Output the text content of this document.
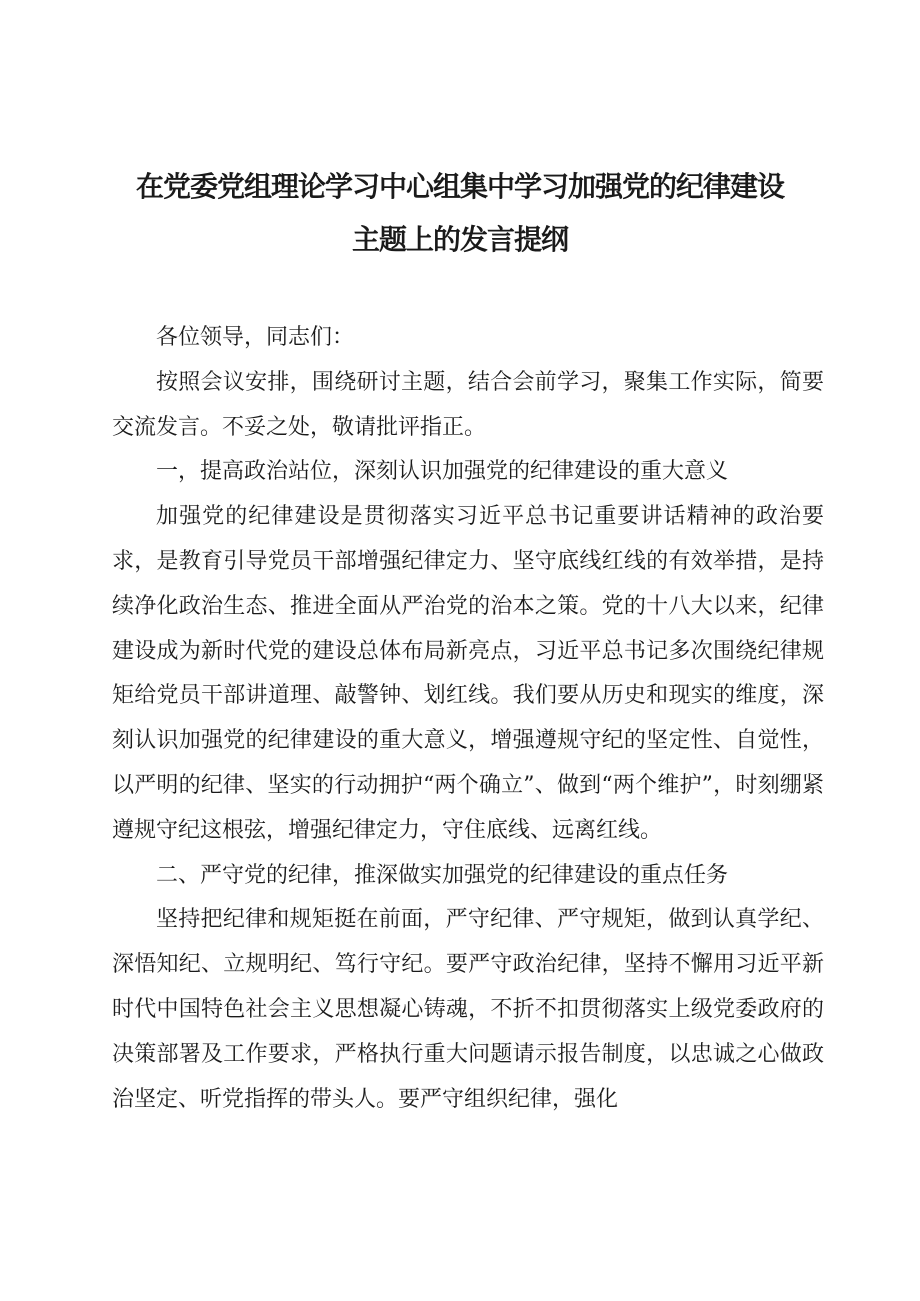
在党委党组理论学习中心组集中学习加强党的纪律建设
主题上的发言提纲

各位领导，同志们：

按照会议安排，围绕研讨主题，结合会前学习，聚集工作实际，简要交流发言。不妥之处，敬请批评指正。

一，提高政治站位，深刻认识加强党的纪律建设的重大意义

加强党的纪律建设是贯彻落实习近平总书记重要讲话精神的政治要求，是教育引导党员干部增强纪律定力、坚守底线红线的有效举措，是持续净化政治生态、推进全面从严治党的治本之策。党的十八大以来，纪律建设成为新时代党的建设总体布局新亮点，习近平总书记多次围绕纪律规矩给党员干部讲道理、敲警钟、划红线。我们要从历史和现实的维度，深刻认识加强党的纪律建设的重大意义，增强遵规守纪的坚定性、自觉性，以严明的纪律、坚实的行动拥护“两个确立”、做到“两个维护”，时刻绷紧遵规守纪这根弦，增强纪律定力，守住底线、远离红线。

二、严守党的纪律，推深做实加强党的纪律建设的重点任务

坚持把纪律和规矩挺在前面，严守纪律、严守规矩，做到认真学纪、深悟知纪、立规明纪、笃行守纪。要严守政治纪律，坚持不懈用习近平新时代中国特色社会主义思想凝心铸魂，不折不扣贯彻落实上级党委政府的决策部署及工作要求，严格执行重大问题请示报告制度，以忠诚之心做政治坚定、听党指挥的带头人。要严守组织纪律，强化
